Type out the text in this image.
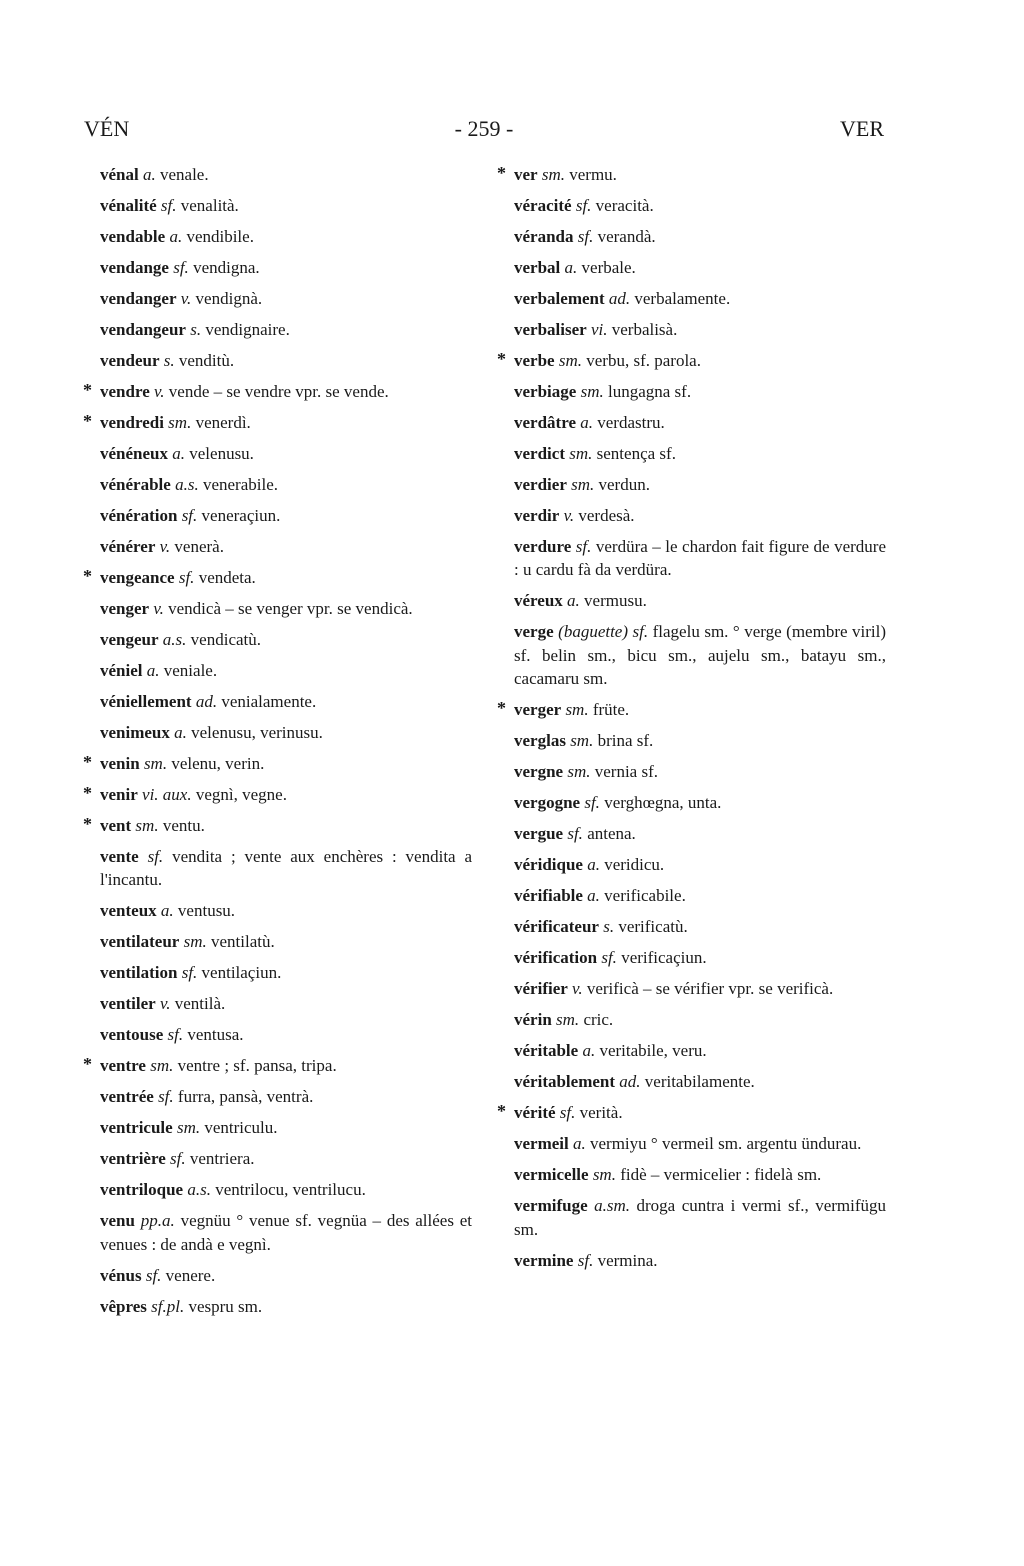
VÉN	- 259 -	VER
vénal a. venale.
vénalité sf. venalità.
vendable a. vendibile.
vendange sf. vendigna.
vendanger v. vendignà.
vendangeur s. vendignaire.
vendeur s. venditù.
* vendre v. vende – se vendre vpr. se vende.
* vendredi sm. venerdì.
vénéneux a. velenusu.
vénérable a.s. venerabile.
vénération sf. veneraçiun.
vénérer v. venerà.
* vengeance sf. vendeta.
venger v. vendicà – se venger vpr. se vendicà.
vengeur a.s. vendicatù.
véniel a. veniale.
véniellement ad. venialamente.
venimeux a. velenusu, verinusu.
* venin sm. velenu, verin.
* venir vi. aux. vegnì, vegne.
* vent sm. ventu.
vente sf. vendita ; vente aux enchères : vendita a l'incantu.
venteux a. ventusu.
ventilateur sm. ventilatù.
ventilation sf. ventilaçiun.
ventiler v. ventilà.
ventouse sf. ventusa.
* ventre sm. ventre ; sf. pansa, tripa.
ventrée sf. furra, pansà, ventrà.
ventricule sm. ventriculu.
ventrière sf. ventriera.
ventriloque a.s. ventrilocu, ventrilucu.
venu pp.a. vegnüu ° venue sf. vegnüa – des allées et venues : de andà e vegnì.
vénus sf. venere.
vêpres sf.pl. vespru sm.
* ver sm. vermu.
véracité sf. veracità.
véranda sf. verandà.
verbal a. verbale.
verbalement ad. verbalamente.
verbaliser vi. verbalisà.
* verbe sm. verbu, sf. parola.
verbiage sm. lungagna sf.
verdâtre a. verdastru.
verdict sm. sentença sf.
verdier sm. verdun.
verdir v. verdesà.
verdure sf. verdüra – le chardon fait figure de verdure : u cardu fà da verdüra.
véreux a. vermusu.
verge (baguette) sf. flagelu sm. ° verge (membre viril) sf. belin sm., bicu sm., aujelu sm., batayu sm., cacamaru sm.
* verger sm. früte.
verglas sm. brina sf.
vergne sm. vernia sf.
vergogne sf. verghœgna, unta.
vergue sf. antena.
véridique a. veridicu.
vérifiable a. verificabile.
vérificateur s. verificatù.
vérification sf. verificaçiun.
vérifier v. verificà – se vérifier vpr. se verificà.
vérin sm. cric.
véritable a. veritabile, veru.
véritablement ad. veritabilamente.
* vérité sf. verità.
vermeil a. vermiyu ° vermeil sm. argentu ündurau.
vermicelle sm. fidè – vermicelier : fidelà sm.
vermifuge a.sm. droga cuntra i vermi sf., vermifügu sm.
vermine sf. vermina.
